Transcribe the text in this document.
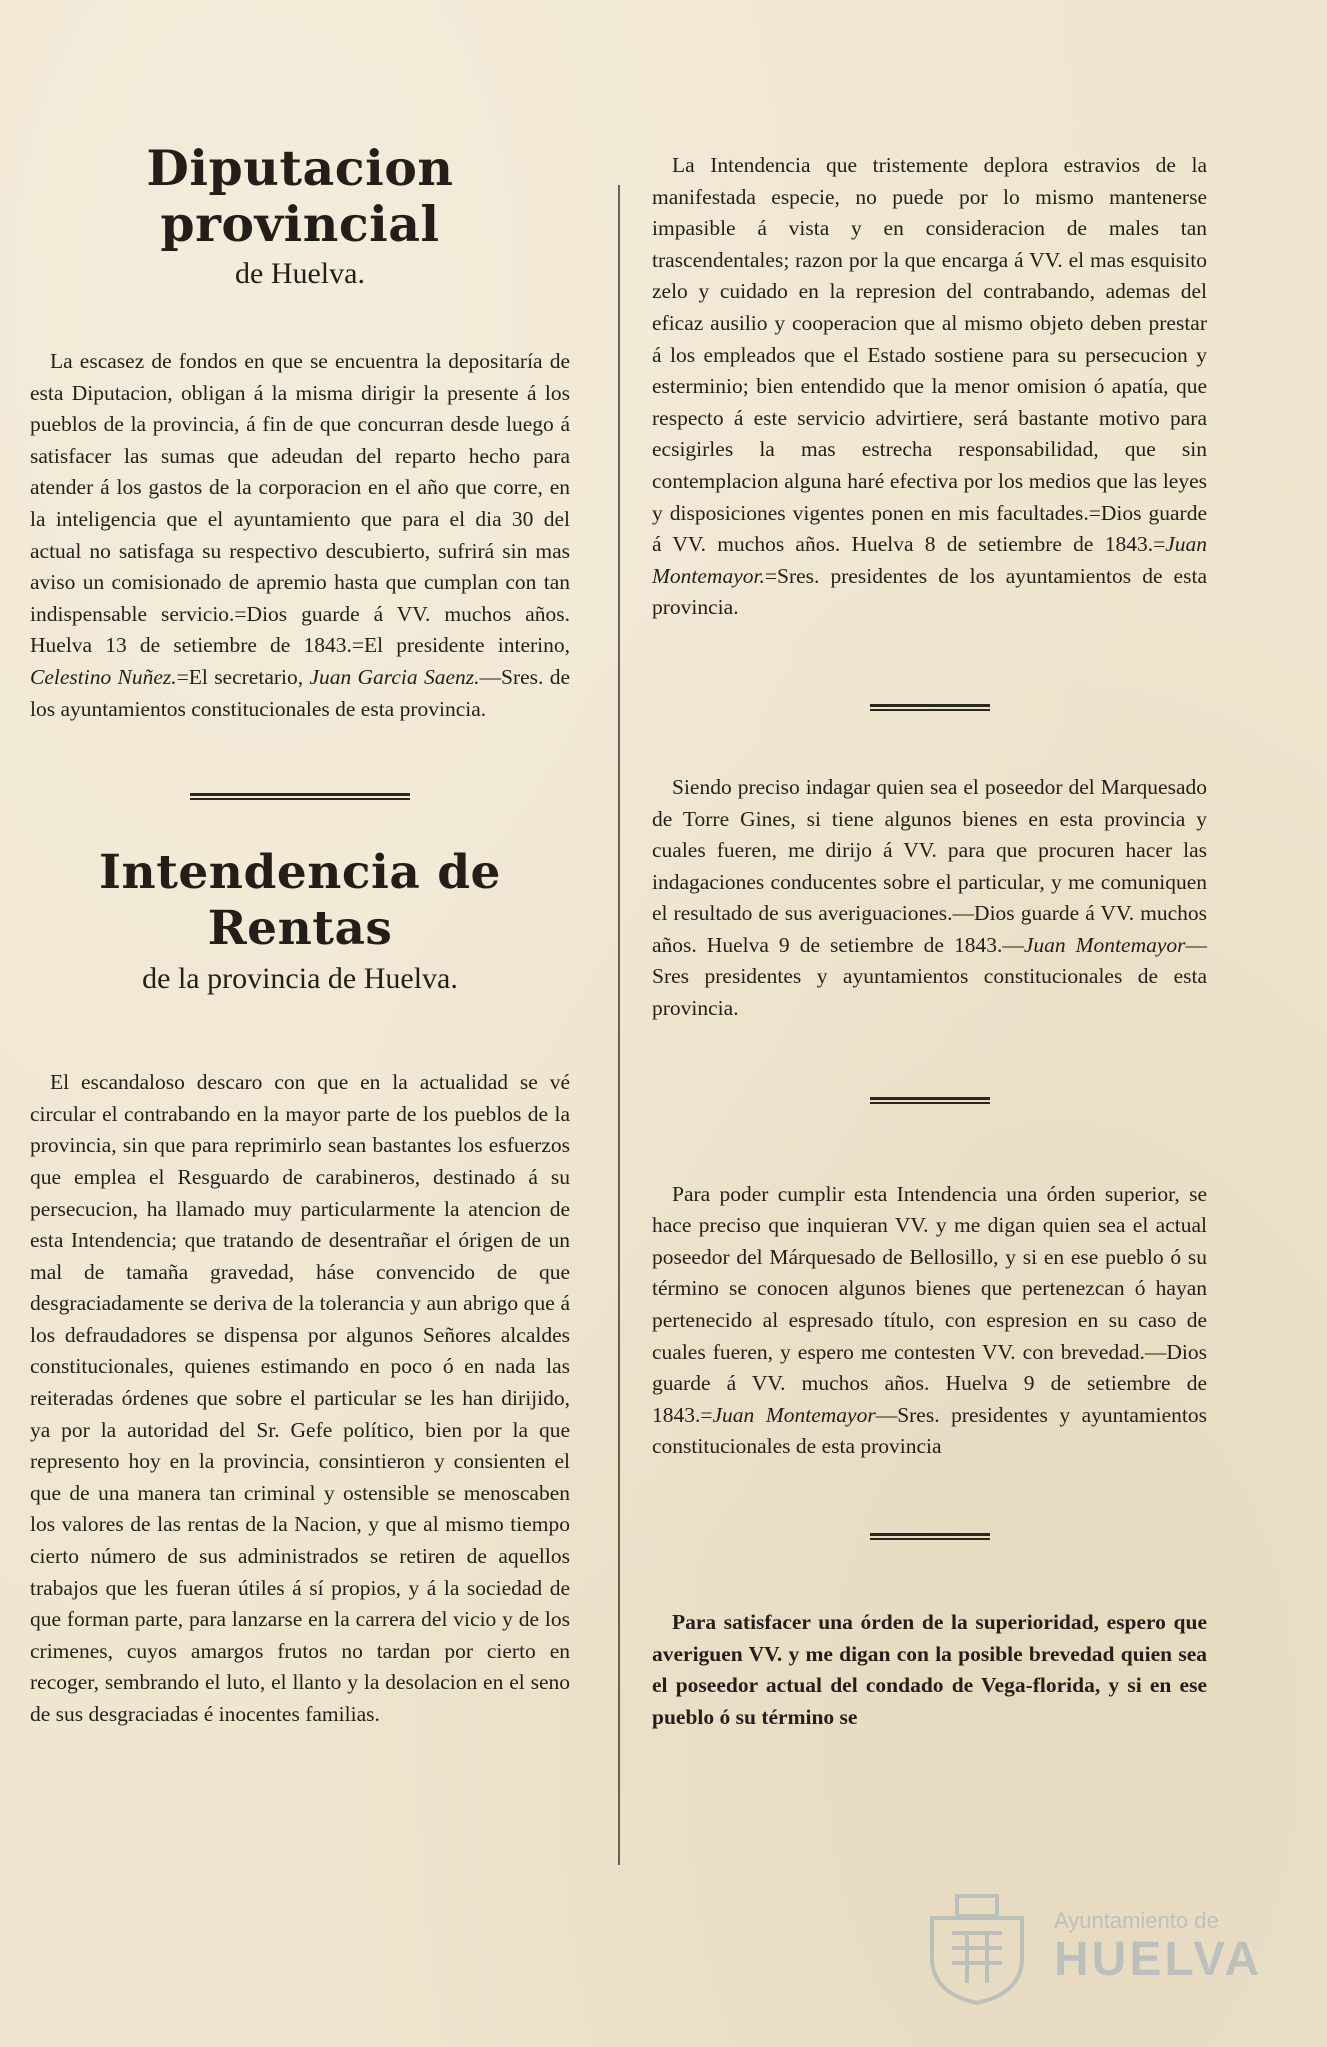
Diputacion provincial
de Huelva.

La escasez de fondos en que se encuentra la depositaría de esta Diputacion, obligan á la misma dirigir la presente á los pueblos de la provincia, á fin de que concurran desde luego á satisfacer las sumas que adeudan del reparto hecho para atender á los gastos de la corporacion en el año que corre, en la inteligencia que el ayuntamiento que para el dia 30 del actual no satisfaga su respectivo descubierto, sufrirá sin mas aviso un comisionado de apremio hasta que cumplan con tan indispensable servicio.=Dios guarde á VV. muchos años. Huelva 13 de setiembre de 1843.=El presidente interino, Celestino Nuñez.=El secretario, Juan Garcia Saenz.—Sres. de los ayuntamientos constitucionales de esta provincia.

Intendencia de Rentas
de la provincia de Huelva.

El escandaloso descaro con que en la actualidad se vé circular el contrabando en la mayor parte de los pueblos de la provincia, sin que para reprimirlo sean bastantes los esfuerzos que emplea el Resguardo de carabineros, destinado á su persecucion, ha llamado muy particularmente la atencion de esta Intendencia; que tratando de desentrañar el órigen de un mal de tamaña gravedad, háse convencido de que desgraciadamente se deriva de la tolerancia y aun abrigo que á los defraudadores se dispensa por algunos Señores alcaldes constitucionales, quienes estimando en poco ó en nada las reiteradas órdenes que sobre el particular se les han dirijido, ya por la autoridad del Sr. Gefe político, bien por la que represento hoy en la provincia, consintieron y consienten el que de una manera tan criminal y ostensible se menoscaben los valores de las rentas de la Nacion, y que al mismo tiempo cierto número de sus administrados se retiren de aquellos trabajos que les fueran útiles á sí propios, y á la sociedad de que forman parte, para lanzarse en la carrera del vicio y de los crimenes, cuyos amargos frutos no tardan por cierto en recoger, sembrando el luto, el llanto y la desolacion en el seno de sus desgraciadas é inocentes familias.

La Intendencia que tristemente deplora estravios de la manifestada especie, no puede por lo mismo mantenerse impasible á vista y en consideracion de males tan trascendentales; razon por la que encarga á VV. el mas esquisito zelo y cuidado en la represion del contrabando, ademas del eficaz ausilio y cooperacion que al mismo objeto deben prestar á los empleados que el Estado sostiene para su persecucion y esterminio; bien entendido que la menor omision ó apatía, que respecto á este servicio advirtiere, será bastante motivo para ecsigirles la mas estrecha responsabilidad, que sin contemplacion alguna haré efectiva por los medios que las leyes y disposiciones vigentes ponen en mis facultades.=Dios guarde á VV. muchos años. Huelva 8 de setiembre de 1843.=Juan Montemayor.=Sres. presidentes de los ayuntamientos de esta provincia.

Siendo preciso indagar quien sea el poseedor del Marquesado de Torre Gines, si tiene algunos bienes en esta provincia y cuales fueren, me dirijo á VV. para que procuren hacer las indagaciones conducentes sobre el particular, y me comuniquen el resultado de sus averiguaciones.—Dios guarde á VV. muchos años. Huelva 9 de setiembre de 1843.—Juan Montemayor—Sres presidentes y ayuntamientos constitucionales de esta provincia.

Para poder cumplir esta Intendencia una órden superior, se hace preciso que inquieran VV. y me digan quien sea el actual poseedor del Márquesado de Bellosillo, y si en ese pueblo ó su término se conocen algunos bienes que pertenezcan ó hayan pertenecido al espresado título, con espresion en su caso de cuales fueren, y espero me contesten VV. con brevedad.—Dios guarde á VV. muchos años. Huelva 9 de setiembre de 1843.=Juan Montemayor—Sres. presidentes y ayuntamientos constitucionales de esta provincia

Para satisfacer una órden de la superioridad, espero que averiguen VV. y me digan con la posible brevedad quien sea el poseedor actual del condado de Vega-florida, y si en ese pueblo ó su término se

Ayuntamiento de
HUELVA
